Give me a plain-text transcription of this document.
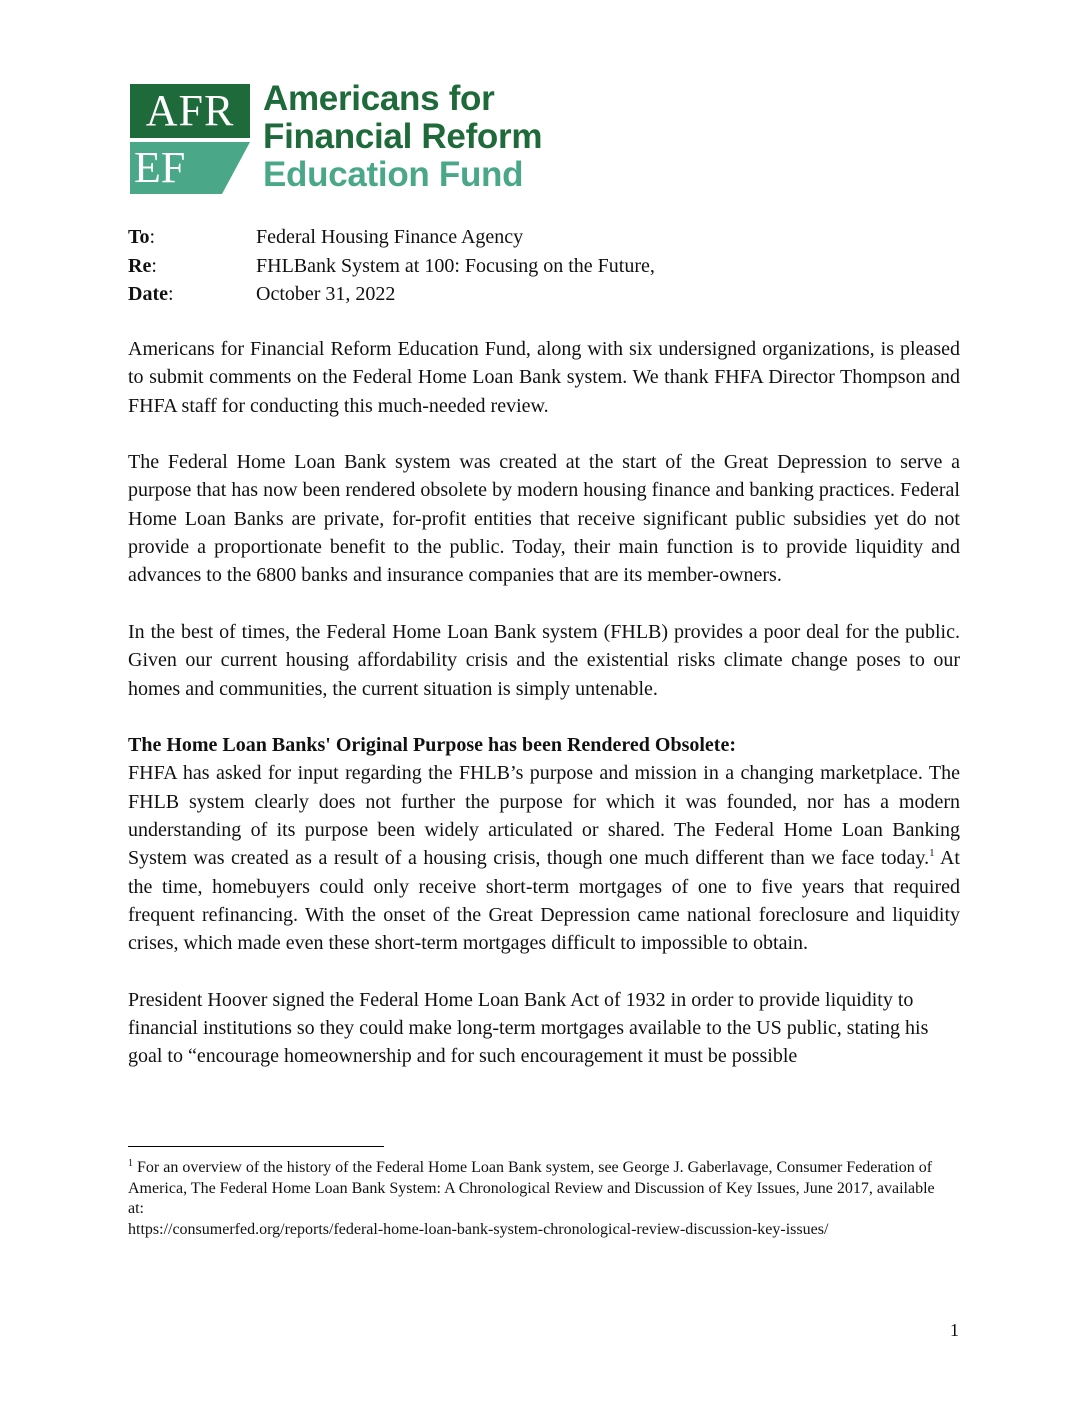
AFR
EF
Americans for
Financial Reform
Education Fund
To:	Federal Housing Finance Agency
Re:	FHLBank System at 100: Focusing on the Future,
Date:	October 31, 2022

Americans for Financial Reform Education Fund, along with six undersigned organizations, is pleased to submit comments on the Federal Home Loan Bank system. We thank FHFA Director Thompson and FHFA staff for conducting this much-needed review.

The Federal Home Loan Bank system was created at the start of the Great Depression to serve a purpose that has now been rendered obsolete by modern housing finance and banking practices. Federal Home Loan Banks are private, for-profit entities that receive significant public subsidies yet do not provide a proportionate benefit to the public. Today, their main function is to provide liquidity and advances to the 6800 banks and insurance companies that are its member-owners.

In the best of times, the Federal Home Loan Bank system (FHLB) provides a poor deal for the public. Given our current housing affordability crisis and the existential risks climate change poses to our homes and communities, the current situation is simply untenable.

The Home Loan Banks' Original Purpose has been Rendered Obsolete:

FHFA has asked for input regarding the FHLB’s purpose and mission in a changing marketplace. The FHLB system clearly does not further the purpose for which it was founded, nor has a modern understanding of its purpose been widely articulated or shared. The Federal Home Loan Banking System was created as a result of a housing crisis, though one much different than we face today.$^1$ At the time, homebuyers could only receive short-term mortgages of one to five years that required frequent refinancing. With the onset of the Great Depression came national foreclosure and liquidity crises, which made even these short-term mortgages difficult to impossible to obtain.

President Hoover signed the Federal Home Loan Bank Act of 1932 in order to provide liquidity to financial institutions so they could make long-term mortgages available to the US public, stating his goal to “encourage homeownership and for such encouragement it must be possible

$^1$ For an overview of the history of the Federal Home Loan Bank system, see George J. Gaberlavage, Consumer Federation of America, The Federal Home Loan Bank System: A Chronological Review and Discussion of Key Issues, June 2017, available at:
https://consumerfed.org/reports/federal-home-loan-bank-system-chronological-review-discussion-key-issues/
1
